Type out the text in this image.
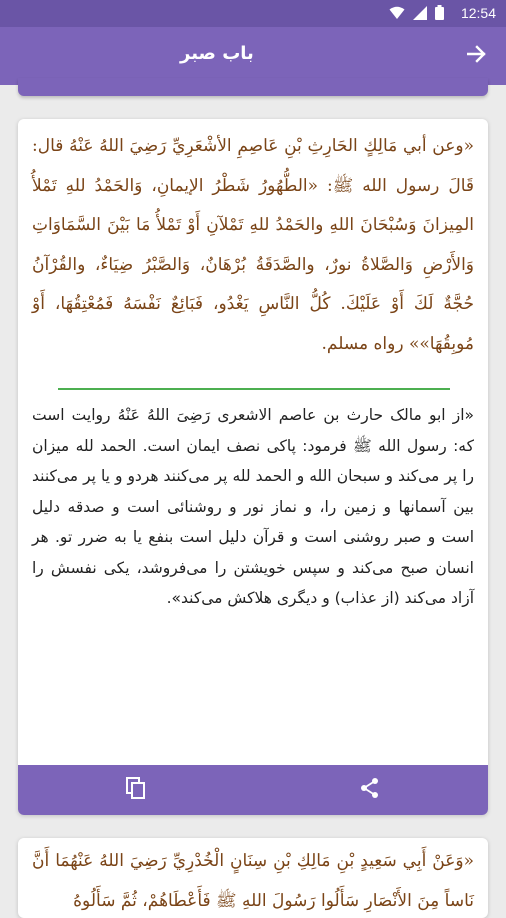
12:54
باب صبر
«وعن أبي مَالِكٍ الحَارِثِ بْنِ عَاصِمِ الأشْعَرِيِّ رَضِيَ اللهُ عَنْهُ قال: قَالَ رسول الله ﷺ: «الطُّهُورُ شَطْرُ الإيمانِ، وَالحَمْدُ للهِ تَمْلأُ المِيزانَ وَسُبْحَانَ اللهِ والحَمْدُ للهِ تَمْلآنِ أَوْ تَمْلأُ مَا بَيْنَ السَّمَاوَاتِ وَالأَرْضِ وَالصَّلاةُ نورٌ، والصَّدَقَةُ بُرْهَانٌ، وَالصَّبْرُ ضِيَاءٌ، والقُرْآنُ حُجَّةٌ لَكَ أَوْ عَلَيْكَ. كُلُّ النَّاسِ يَغْدُو، فَبَائِعٌ نَفْسَهُ فَمُعْتِقُهَا، أَوْ مُوبِقُهَا»» رواه مسلم.
«از ابو مالک حارث بن عاصم الاشعری رَضِیَ اللهُ عَنْهُ روایت است که: رسول الله ﷺ فرمود: پاکی نصف ایمان است. الحمد لله میزان را پر می‌کند و سبحان الله و الحمد لله پر می‌کنند هردو و یا پر می‌کنند بین آسمانها و زمین را، و نماز نور و روشنائی است و صدقه دلیل است و صبر روشنی است و قرآن دلیل است بنفع یا به ضرر تو. هر انسان صبح می‌کند و سپس خویشتن را می‌فروشد، یکی نفسش را آزاد می‌کند (از عذاب) و دیگری هلاکش می‌کند».
«وَعَنْ أَبِي سَعِيدٍ بْنِ مَالِكِ بْنِ سِنَانٍ الْخُدْرِيِّ رَضِيَ اللهُ عَنْهُمَا أَنَّ نَاساً مِنَ الأَنْصَارِ سَأَلُوا رَسُولَ اللهِ ﷺ فَأَعْطَاهُمْ، ثُمَّ سَأَلُوهُ
